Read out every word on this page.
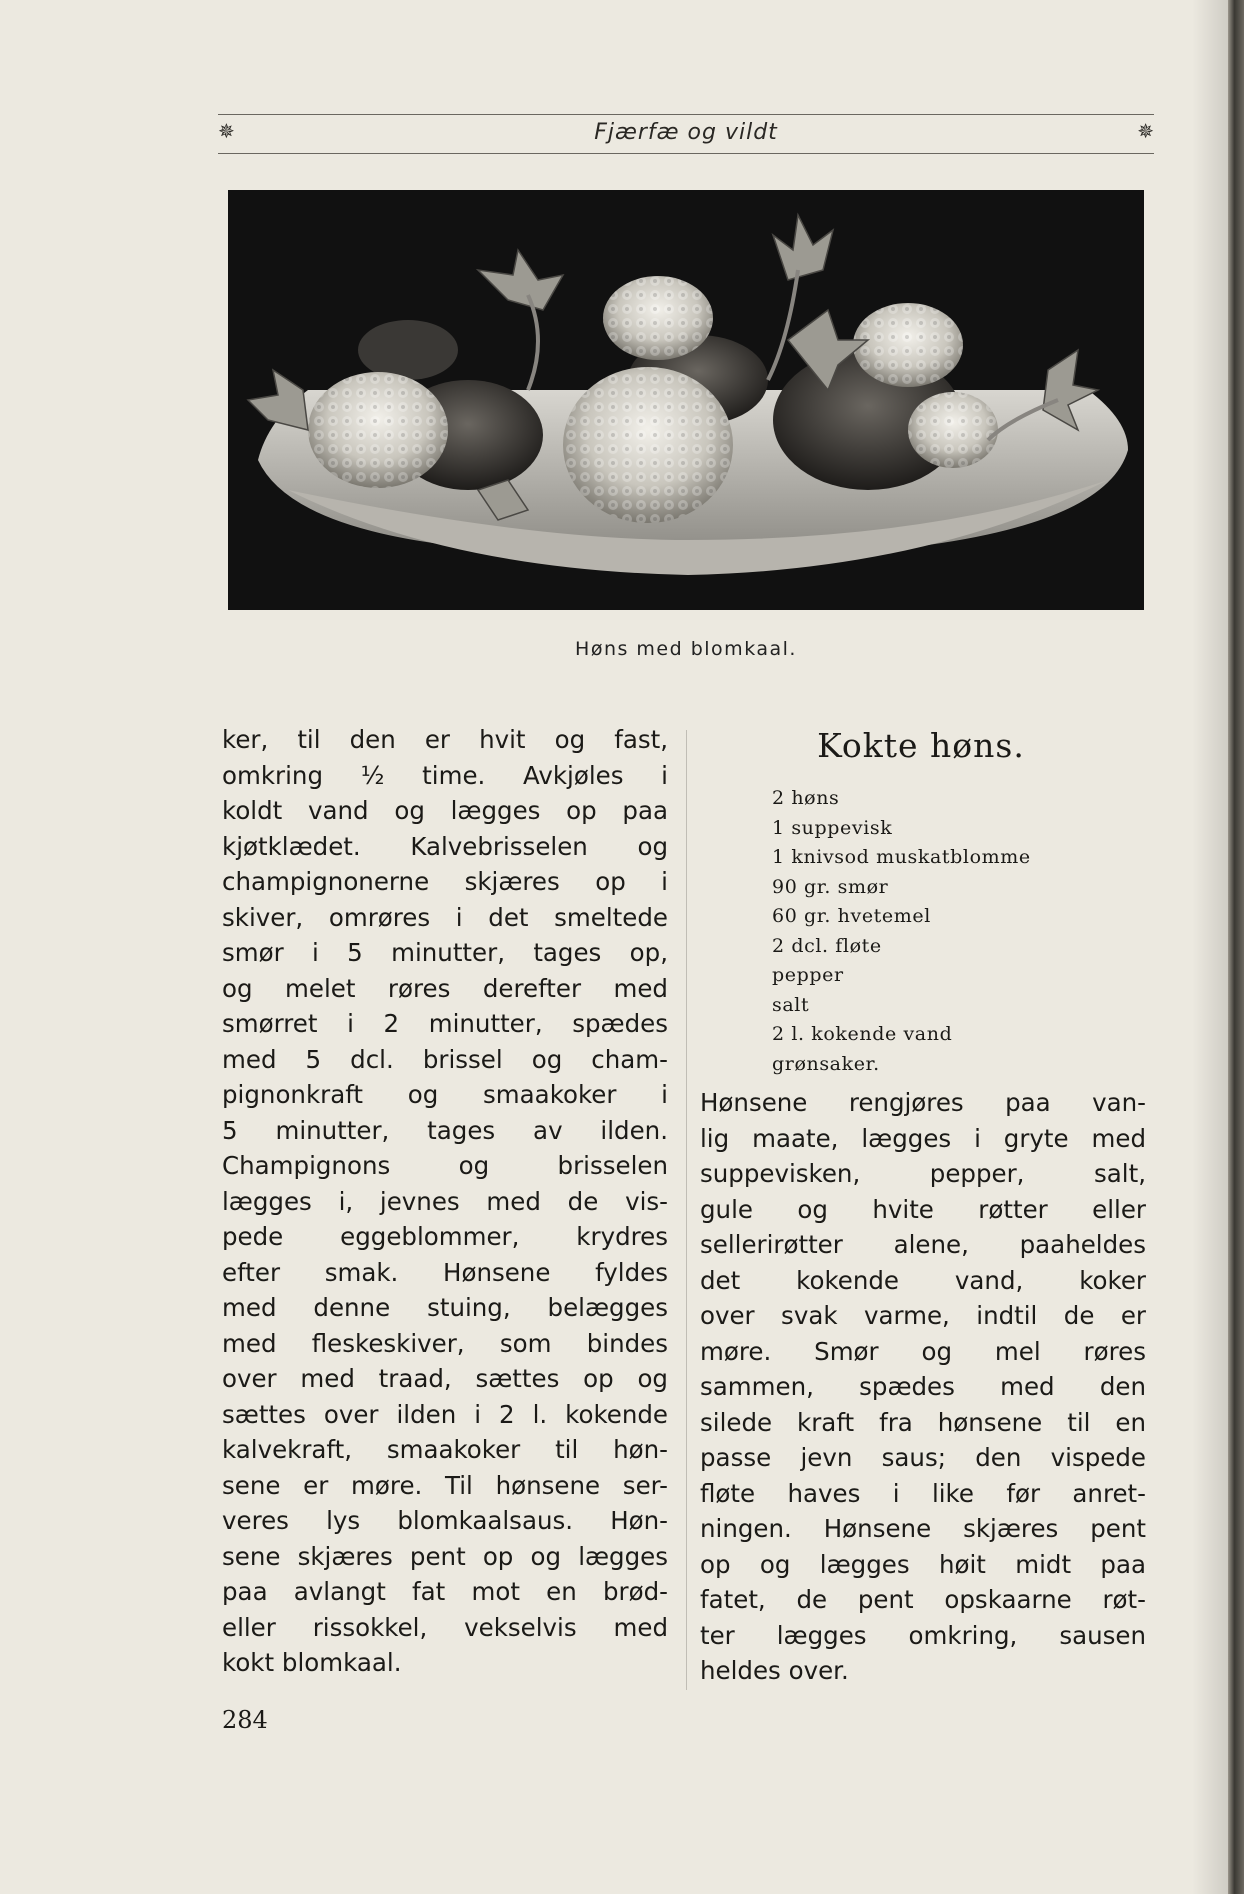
✵	Fjærfæ og vildt	✵
Høns med blomkaal.
ker, til den er hvit og fast,
omkring ½ time. Avkjøles i
koldt vand og lægges op paa
kjøtklædet. Kalvebrisselen og
champignonerne skjæres op i
skiver, omrøres i det smeltede
smør i 5 minutter, tages op,
og melet røres derefter med
smørret i 2 minutter, spædes
med 5 dcl. brissel og cham-
pignonkraft og smaakoker i
5 minutter, tages av ilden.
Champignons og brisselen
lægges i, jevnes med de vis-
pede eggeblommer, krydres
efter smak. Hønsene fyldes
med denne stuing, belægges
med fleskeskiver, som bindes
over med traad, sættes op og
sættes over ilden i 2 l. kokende
kalvekraft, smaakoker til høn-
sene er møre. Til hønsene ser-
veres lys blomkaalsaus. Høn-
sene skjæres pent op og lægges
paa avlangt fat mot en brød-
eller rissokkel, vekselvis med
kokt blomkaal.
Kokte høns.
2 høns
1 suppevisk
1 knivsod muskatblomme
90 gr. smør
60 gr. hvetemel
2 dcl. fløte
pepper
salt
2 l. kokende vand
grønsaker.
Hønsene rengjøres paa van-
lig maate, lægges i gryte med
suppevisken, pepper, salt,
gule og hvite røtter eller
sellerirøtter alene, paaheldes
det kokende vand, koker
over svak varme, indtil de er
møre. Smør og mel røres
sammen, spædes med den
silede kraft fra hønsene til en
passe jevn saus; den vispede
fløte haves i like før anret-
ningen. Hønsene skjæres pent
op og lægges høit midt paa
fatet, de pent opskaarne røt-
ter lægges omkring, sausen
heldes over.
284
